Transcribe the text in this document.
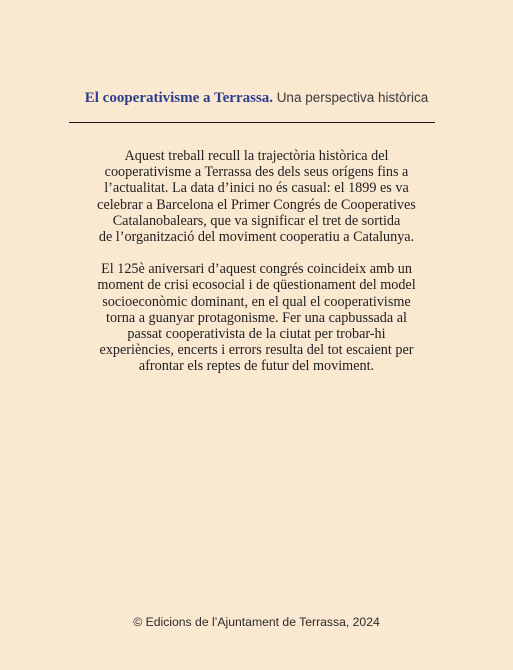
El cooperativisme a Terrassa. Una perspectiva històrica

Aquest treball recull la trajectòria històrica del
cooperativisme a Terrassa des dels seus orígens fins a
l’actualitat. La data d’inici no és casual: el 1899 es va
celebrar a Barcelona el Primer Congrés de Cooperatives
Catalanobalears, que va significar el tret de sortida
de l’organització del moviment cooperatiu a Catalunya.

El 125è aniversari d’aquest congrés coincideix amb un
moment de crisi ecosocial i de qüestionament del model
socioeconòmic dominant, en el qual el cooperativisme
torna a guanyar protagonisme. Fer una capbussada al
passat cooperativista de la ciutat per trobar-hi
experiències, encerts i errors resulta del tot escaient per
afrontar els reptes de futur del moviment.

© Edicions de l’Ajuntament de Terrassa, 2024
